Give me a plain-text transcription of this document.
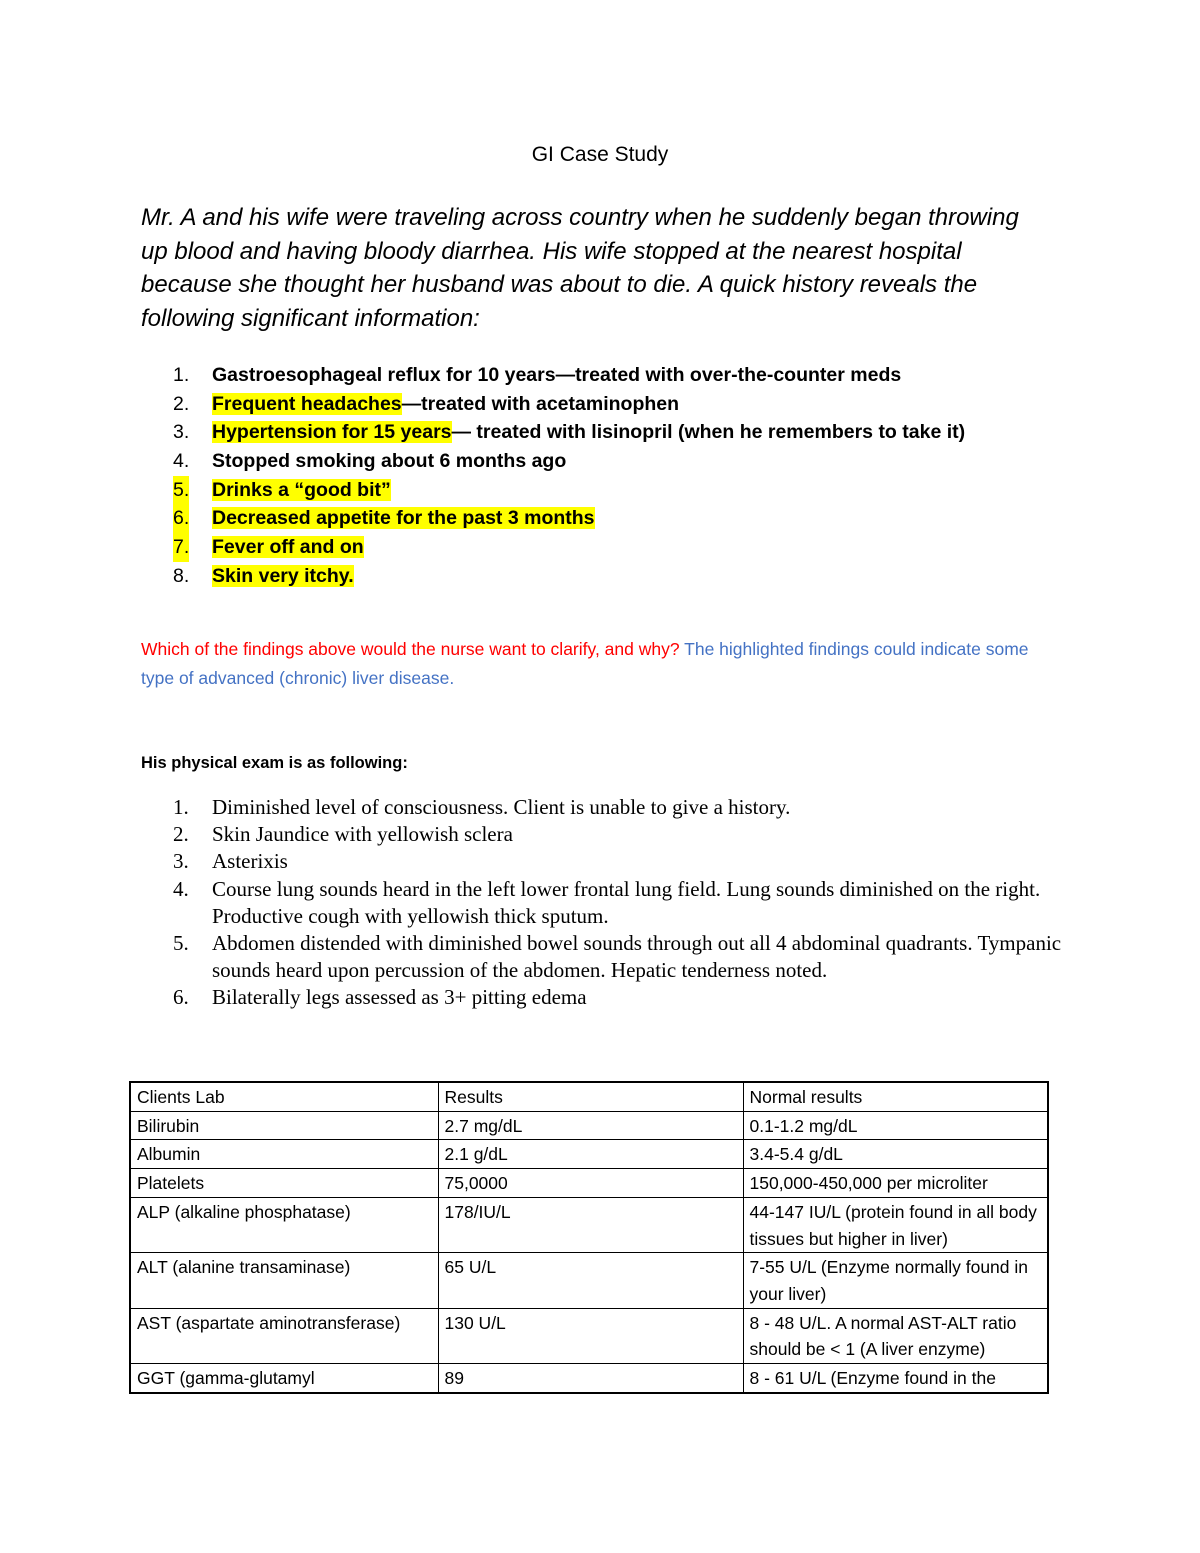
GI Case Study
Mr. A and his wife were traveling across country when he suddenly began throwing up blood and having bloody diarrhea. His wife stopped at the nearest hospital because she thought her husband was about to die. A quick history reveals the following significant information:
1. Gastroesophageal reflux for 10 years—treated with over-the-counter meds
2. Frequent headaches—treated with acetaminophen
3. Hypertension for 15 years— treated with lisinopril (when he remembers to take it)
4. Stopped smoking about 6 months ago
5. Drinks a “good bit”
6. Decreased appetite for the past 3 months
7. Fever off and on
8. Skin very itchy.
Which of the findings above would the nurse want to clarify, and why? The highlighted findings could indicate some type of advanced (chronic) liver disease.
His physical exam is as following:
1. Diminished level of consciousness. Client is unable to give a history.
2. Skin Jaundice with yellowish sclera
3. Asterixis
4. Course lung sounds heard in the left lower frontal lung field. Lung sounds diminished on the right. Productive cough with yellowish thick sputum.
5. Abdomen distended with diminished bowel sounds through out all 4 abdominal quadrants. Tympanic sounds heard upon percussion of the abdomen. Hepatic tenderness noted.
6. Bilaterally legs assessed as 3+ pitting edema
Clients Lab	Results	Normal results
Bilirubin	2.7 mg/dL	0.1-1.2 mg/dL
Albumin	2.1 g/dL	3.4-5.4 g/dL
Platelets	75,0000	150,000-450,000 per microliter
ALP (alkaline phosphatase)	178/IU/L	44-147 IU/L (protein found in all body tissues but higher in liver)
ALT (alanine transaminase)	65 U/L	7-55 U/L (Enzyme normally found in your liver)
AST (aspartate aminotransferase)	130 U/L	8 - 48 U/L. A normal AST-ALT ratio should be < 1 (A liver enzyme)
GGT (gamma-glutamyl	89	8 - 61 U/L (Enzyme found in the
